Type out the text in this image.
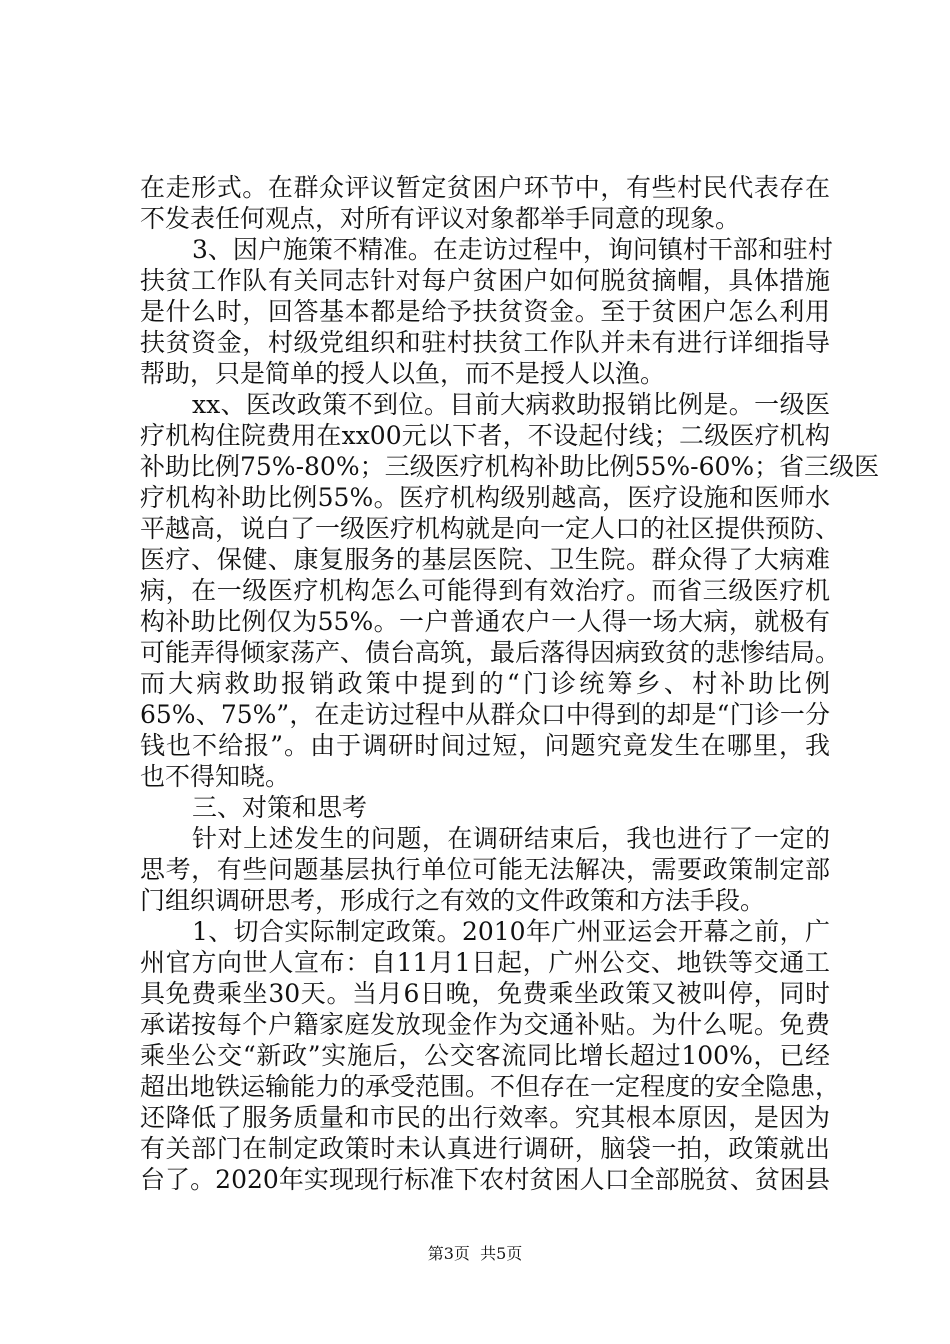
在走形式。在群众评议暂定贫困户环节中，有些村民代表存在
不发表任何观点，对所有评议对象都举手同意的现象。
3、因户施策不精准。在走访过程中，询问镇村干部和驻村
扶贫工作队有关同志针对每户贫困户如何脱贫摘帽，具体措施
是什么时，回答基本都是给予扶贫资金。至于贫困户怎么利用
扶贫资金，村级党组织和驻村扶贫工作队并未有进行详细指导
帮助，只是简单的授人以鱼，而不是授人以渔。
xx、医改政策不到位。目前大病救助报销比例是。一级医
疗机构住院费用在xx00元以下者，不设起付线；二级医疗机构
补助比例75%-80%；三级医疗机构补助比例55%-60%；省三级医
疗机构补助比例55%。医疗机构级别越高，医疗设施和医师水
平越高，说白了一级医疗机构就是向一定人口的社区提供预防、
医疗、保健、康复服务的基层医院、卫生院。群众得了大病难
病，在一级医疗机构怎么可能得到有效治疗。而省三级医疗机
构补助比例仅为55%。一户普通农户一人得一场大病，就极有
可能弄得倾家荡产、债台高筑，最后落得因病致贫的悲惨结局。
而大病救助报销政策中提到的“门诊统筹乡、村补助比例
65%、75%”，在走访过程中从群众口中得到的却是“门诊一分
钱也不给报”。由于调研时间过短，问题究竟发生在哪里，我
也不得知晓。
三、对策和思考
针对上述发生的问题，在调研结束后，我也进行了一定的
思考，有些问题基层执行单位可能无法解决，需要政策制定部
门组织调研思考，形成行之有效的文件政策和方法手段。
1、切合实际制定政策。2010年广州亚运会开幕之前，广
州官方向世人宣布：自11月1日起，广州公交、地铁等交通工
具免费乘坐30天。当月6日晚，免费乘坐政策又被叫停，同时
承诺按每个户籍家庭发放现金作为交通补贴。为什么呢。免费
乘坐公交“新政”实施后，公交客流同比增长超过100%，已经
超出地铁运输能力的承受范围。不但存在一定程度的安全隐患，
还降低了服务质量和市民的出行效率。究其根本原因，是因为
有关部门在制定政策时未认真进行调研，脑袋一拍，政策就出
台了。2020年实现现行标准下农村贫困人口全部脱贫、贫困县
第3页  共5页
